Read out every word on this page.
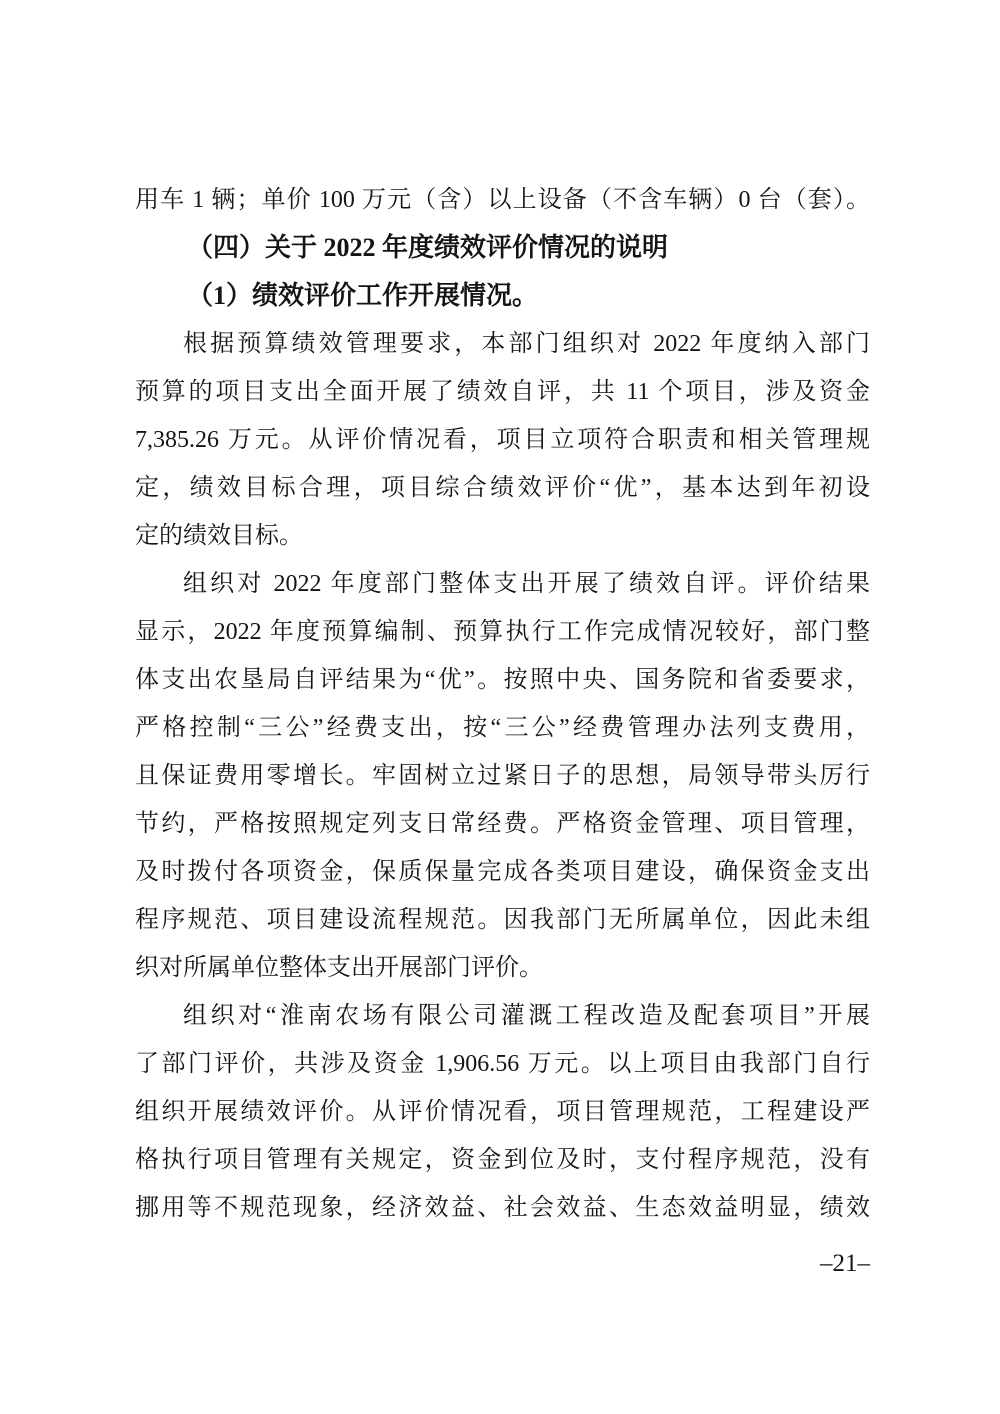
用车 1 辆；单价 100 万元（含）以上设备（不含车辆）0 台（套）。
（四）关于 2022 年度绩效评价情况的说明
（1）绩效评价工作开展情况。
根据预算绩效管理要求，本部门组织对 2022 年度纳入部门
预算的项目支出全面开展了绩效自评，共 11 个项目，涉及资金
7,385.26 万元。从评价情况看，项目立项符合职责和相关管理规
定，绩效目标合理，项目综合绩效评价“优”，基本达到年初设
定的绩效目标。
组织对 2022 年度部门整体支出开展了绩效自评。评价结果
显示，2022 年度预算编制、预算执行工作完成情况较好，部门整
体支出农垦局自评结果为“优”。按照中央、国务院和省委要求，
严格控制“三公”经费支出，按“三公”经费管理办法列支费用，
且保证费用零增长。牢固树立过紧日子的思想，局领导带头厉行
节约，严格按照规定列支日常经费。严格资金管理、项目管理，
及时拨付各项资金，保质保量完成各类项目建设，确保资金支出
程序规范、项目建设流程规范。因我部门无所属单位，因此未组
织对所属单位整体支出开展部门评价。
组织对“淮南农场有限公司灌溉工程改造及配套项目”开展
了部门评价，共涉及资金 1,906.56 万元。以上项目由我部门自行
组织开展绩效评价。从评价情况看，项目管理规范，工程建设严
格执行项目管理有关规定，资金到位及时，支付程序规范，没有
挪用等不规范现象，经济效益、社会效益、生态效益明显，绩效
–21–
